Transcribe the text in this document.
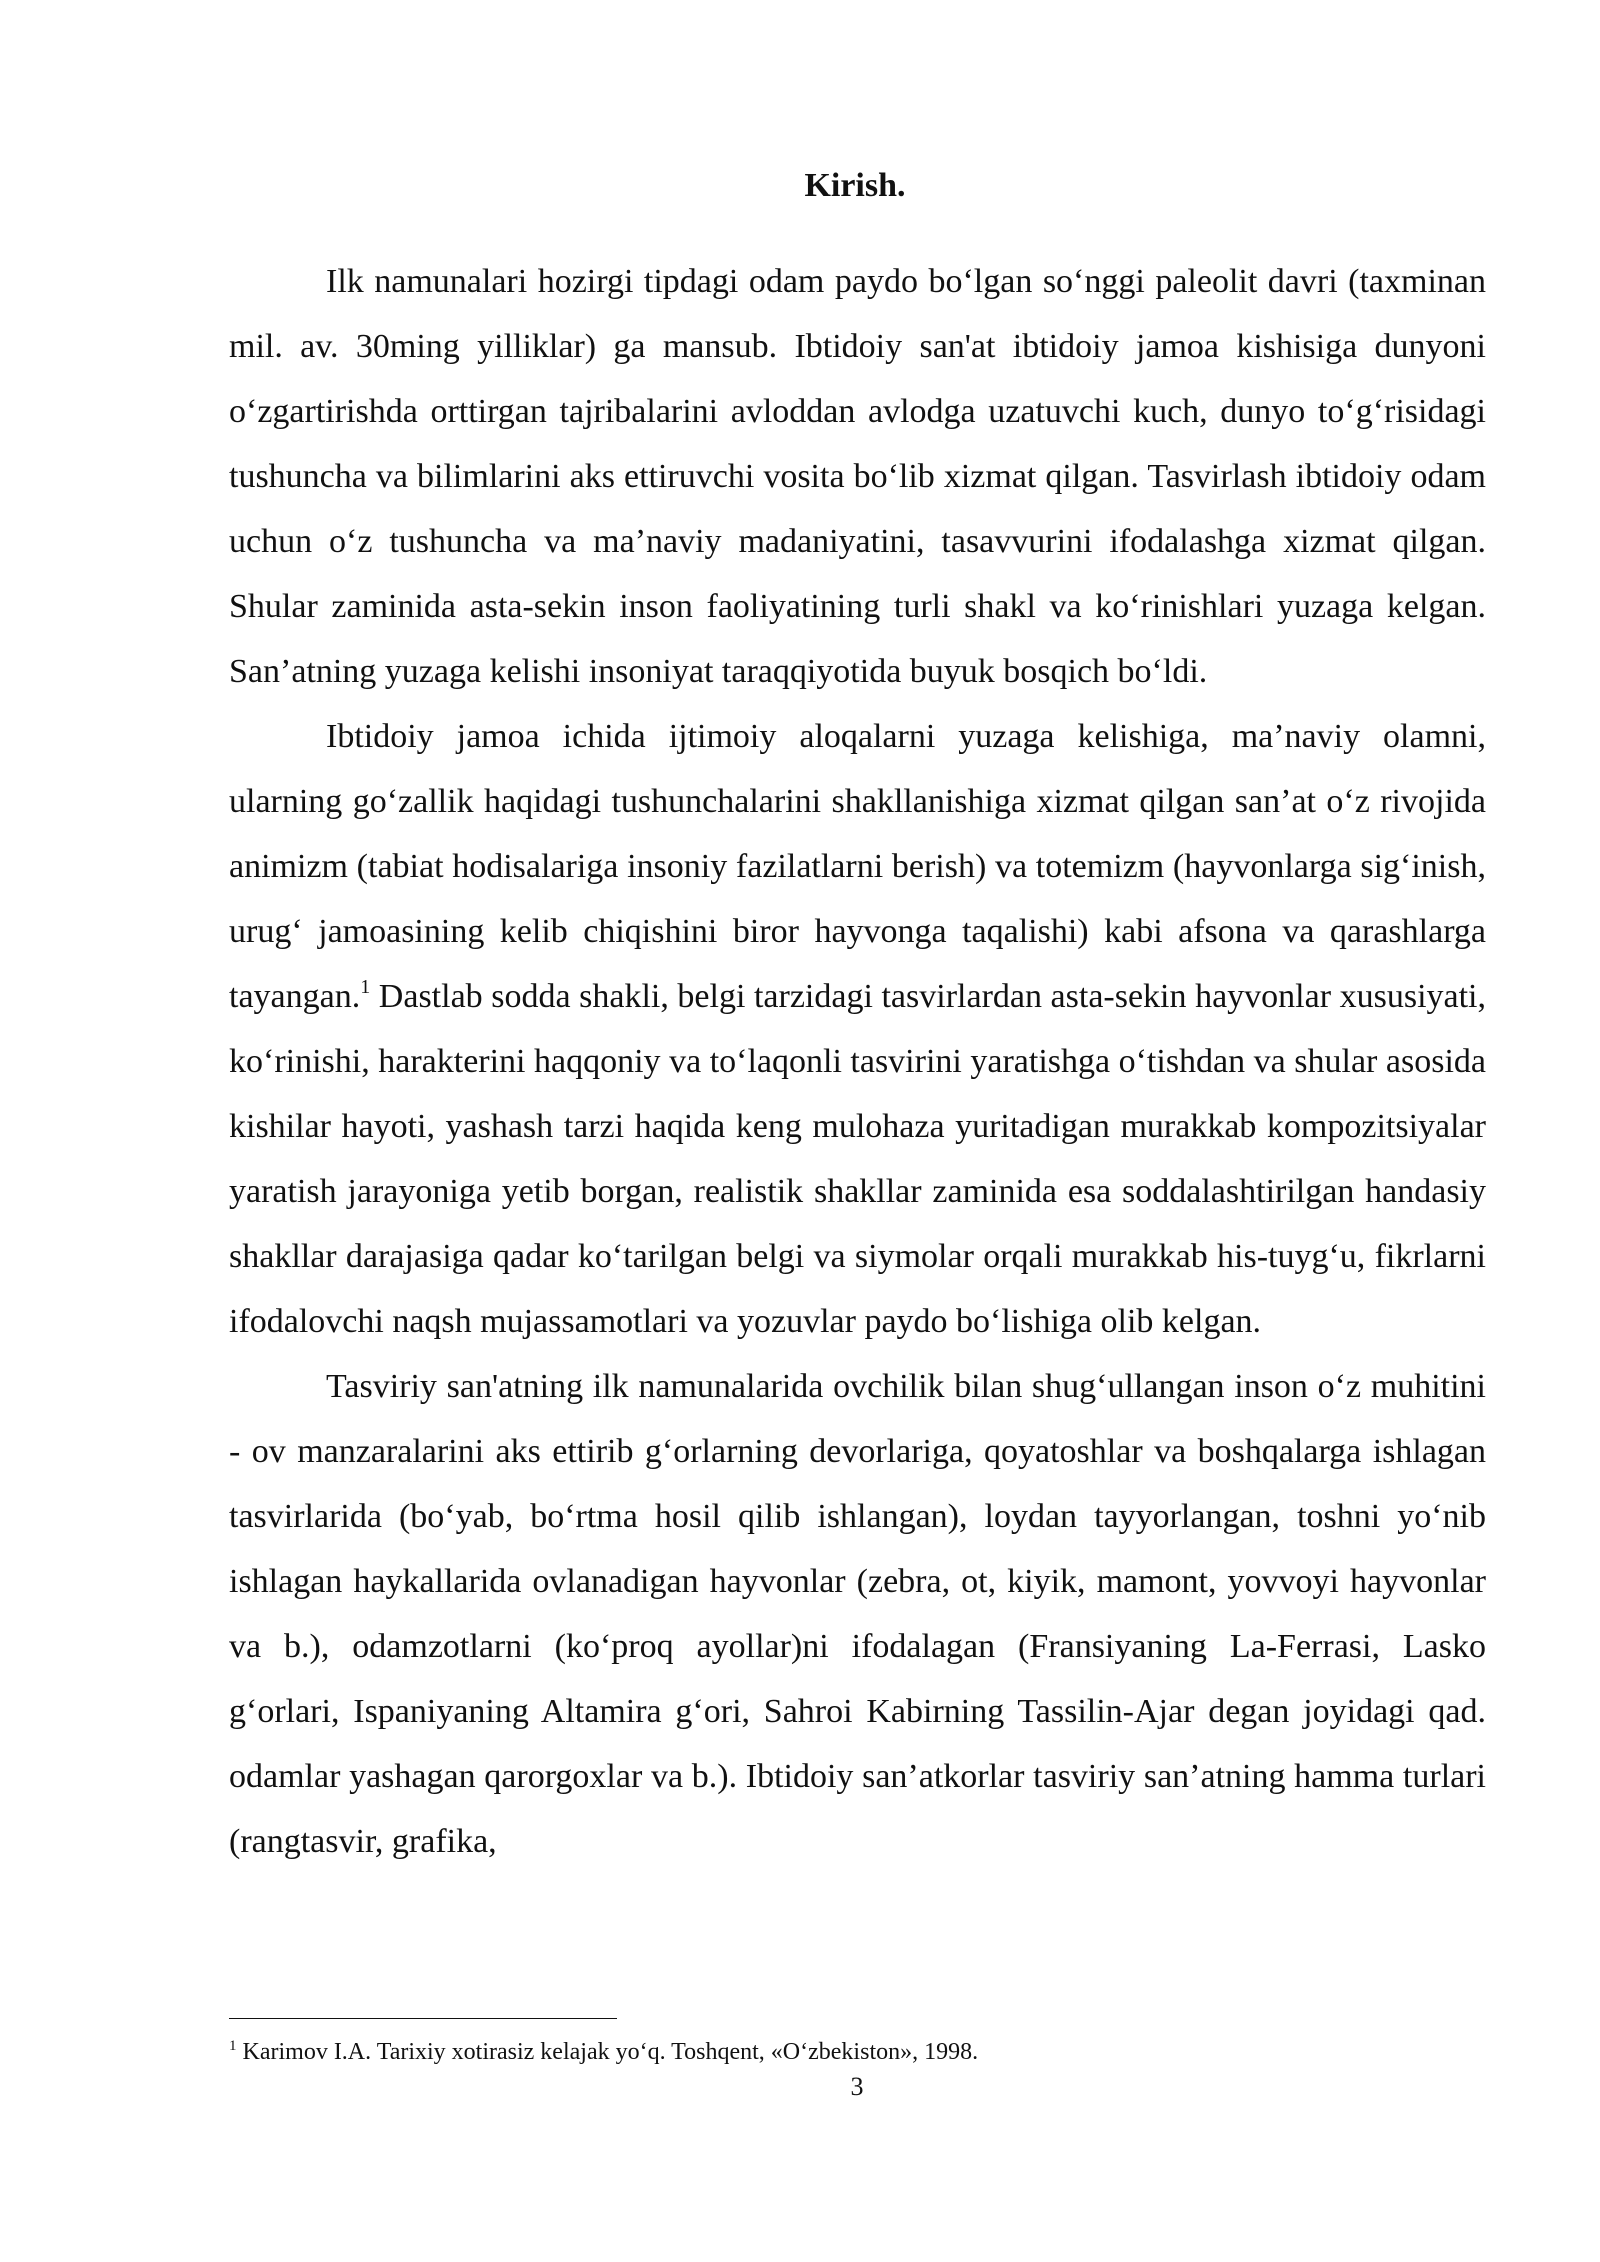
Kirish.

Ilk namunalari hozirgi tipdagi odam paydo bo‘lgan so‘nggi paleolit davri (taxminan mil. av. 30ming yilliklar) ga mansub. Ibtidoiy san'at ibtidoiy jamoa kishisiga dunyoni o‘zgartirishda orttirgan tajribalarini avloddan avlodga uzatuvchi kuch, dunyo to‘g‘risidagi tushuncha va bilimlarini aks ettiruvchi vosita bo‘lib xizmat qilgan. Tasvirlash ibtidoiy odam uchun o‘z tushuncha va ma’naviy madaniyatini, tasavvurini ifodalashga xizmat qilgan. Shular zaminida asta-sekin inson faoliyatining turli shakl va ko‘rinishlari yuzaga kelgan. San’atning yuzaga kelishi insoniyat taraqqiyotida buyuk bosqich bo‘ldi.

Ibtidoiy jamoa ichida ijtimoiy aloqalarni yuzaga kelishiga, ma’naviy olamni, ularning go‘zallik haqidagi tushunchalarini shakllanishiga xizmat qilgan san’at o‘z rivojida animizm (tabiat hodisalariga insoniy fazilatlarni berish) va totemizm (hayvonlarga sig‘inish, urug‘ jamoasining kelib chiqishini biror hayvonga taqalishi) kabi afsona va qarashlarga tayangan.$^1$ Dastlab sodda shakli, belgi tarzidagi tasvirlardan asta-sekin hayvonlar xususiyati, ko‘rinishi, harakterini haqqoniy va to‘laqonli tasvirini yaratishga o‘tishdan va shular asosida kishilar hayoti, yashash tarzi haqida keng mulohaza yuritadigan murakkab kompozitsiyalar yaratish jarayoniga yetib borgan, realistik shakllar zaminida esa soddalashtirilgan handasiy shakllar darajasiga qadar ko‘tarilgan belgi va siymolar orqali murakkab his-tuyg‘u, fikrlarni ifodalovchi naqsh mujassamotlari va yozuvlar paydo bo‘lishiga olib kelgan.

Tasviriy san'atning ilk namunalarida ovchilik bilan shug‘ullangan inson o‘z muhitini - ov manzaralarini aks ettirib g‘orlarning devorlariga, qoyatoshlar va boshqalarga ishlagan tasvirlarida (bo‘yab, bo‘rtma hosil qilib ishlangan), loydan tayyorlangan, toshni yo‘nib ishlagan haykallarida ovlanadigan hayvonlar (zebra, ot, kiyik, mamont, yovvoyi hayvonlar va b.), odamzotlarni (ko‘proq ayollar)ni ifodalagan (Fransiyaning La-Ferrasi, Lasko g‘orlari, Ispaniyaning Altamira g‘ori, Sahroi Kabirning Tassilin-Ajar degan joyidagi qad. odamlar yashagan qarorgoxlar va b.). Ibtidoiy san’atkorlar tasviriy san’atning hamma turlari (rangtasvir, grafika,

$^1$ Karimov I.A. Tarixiy xotirasiz kelajak yo‘q. Toshqent, «O‘zbekiston», 1998.
3
